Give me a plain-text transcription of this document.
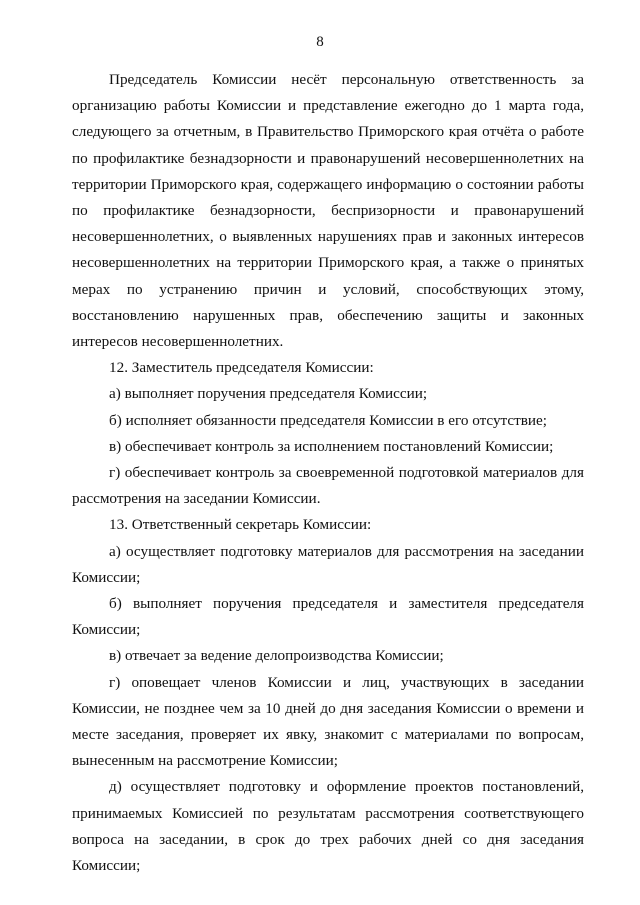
8

Председатель Комиссии несёт персональную ответственность за организацию работы Комиссии и представление ежегодно до 1 марта года, следующего за отчетным, в Правительство Приморского края отчёта о работе по профилактике безнадзорности и правонарушений несовершеннолетних на территории Приморского края, содержащего информацию о состоянии работы по профилактике безнадзорности, беспризорности и правонарушений несовершеннолетних, о выявленных нарушениях прав и законных интересов несовершеннолетних на территории Приморского края, а также о принятых мерах по устранению причин и условий, способствующих этому, восстановлению нарушенных прав, обеспечению защиты и законных интересов несовершеннолетних.

12. Заместитель председателя Комиссии:

а) выполняет поручения председателя Комиссии;

б) исполняет обязанности председателя Комиссии в его отсутствие;

в) обеспечивает контроль за исполнением постановлений Комиссии;

г) обеспечивает контроль за своевременной подготовкой материалов для рассмотрения на заседании Комиссии.

13. Ответственный секретарь Комиссии:

а) осуществляет подготовку материалов для рассмотрения на заседании Комиссии;

б) выполняет поручения председателя и заместителя председателя Комиссии;

в) отвечает за ведение делопроизводства Комиссии;

г) оповещает членов Комиссии и лиц, участвующих в заседании Комиссии, не позднее чем за 10 дней до дня заседания Комиссии о времени и месте заседания, проверяет их явку, знакомит с материалами по вопросам, вынесенным на рассмотрение Комиссии;

д) осуществляет подготовку и оформление проектов постановлений, принимаемых Комиссией по результатам рассмотрения соответствующего вопроса на заседании, в срок до трех рабочих дней со дня заседания Комиссии;
